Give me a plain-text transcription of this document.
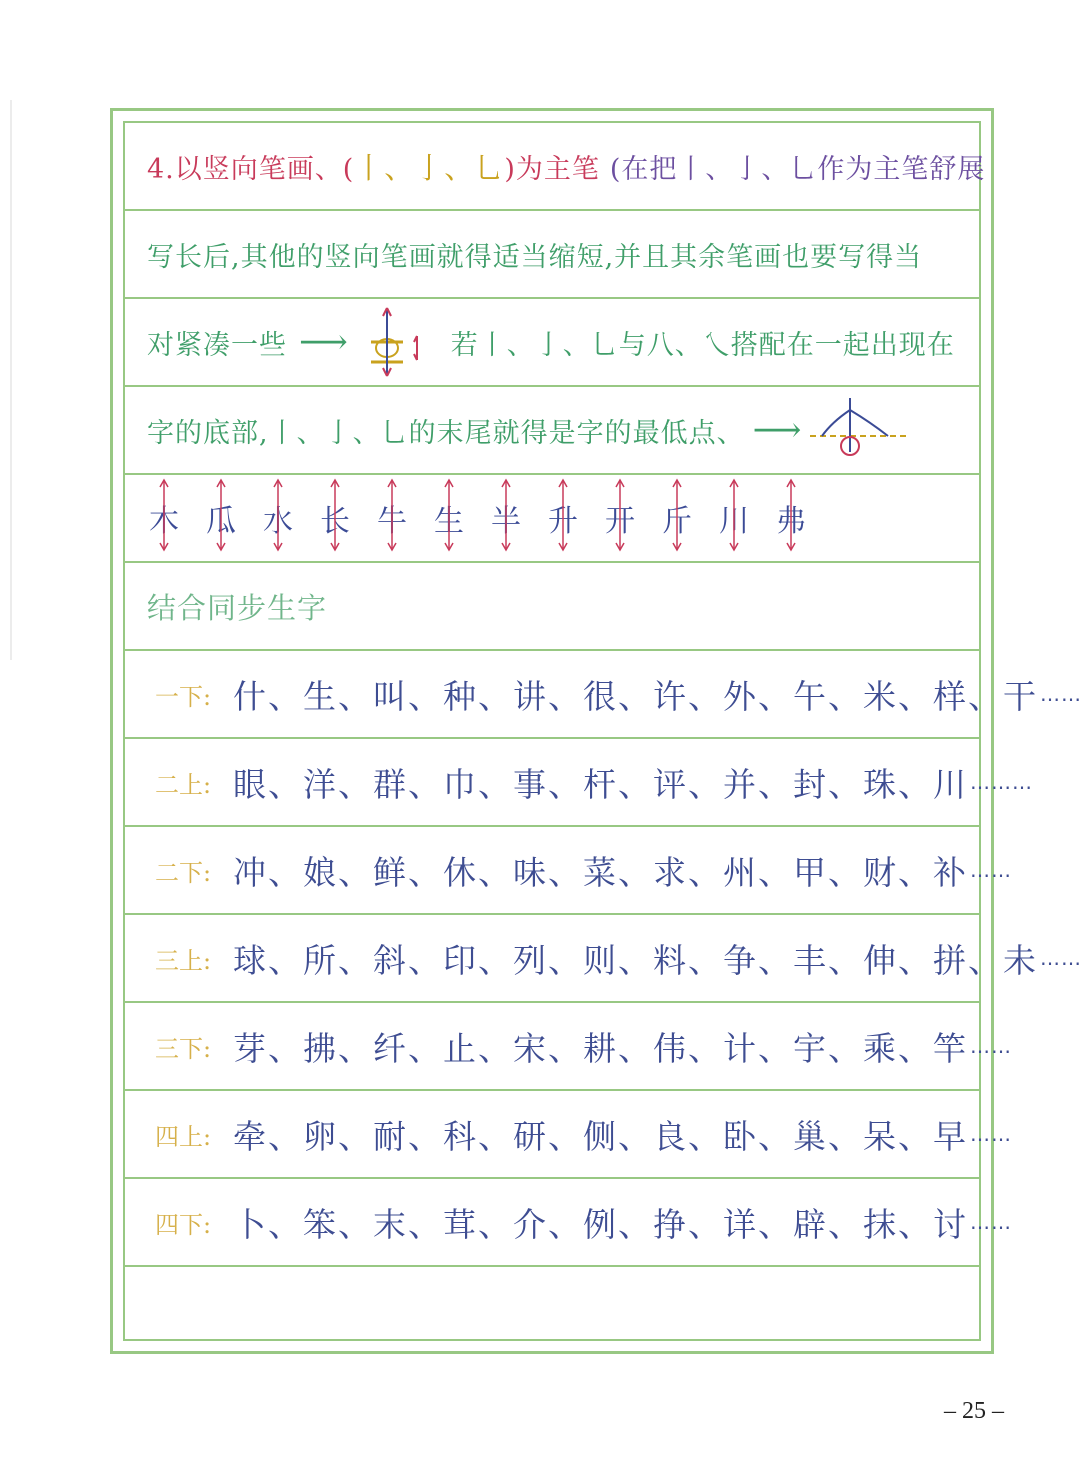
4.以竖向笔画、( 丨、亅、乚 )为主笔 (在把丨、亅、乚作为主笔舒展
写长后,其他的竖向笔画就得适当缩短,并且其余笔画也要写得当
对紧凑一些 ⟶	若丨、亅、乚与八、乀搭配在一起出现在
字的底部,丨、亅、乚的末尾就得是字的最低点、 ⟶
木 瓜 水 长 牛 生 半 升 开 斤 川 弗
结合同步生字
一下: 什、生、叫、种、讲、很、许、外、午、米、样、干 ……
二上: 眼、洋、群、巾、事、杆、评、并、封、珠、川 ………
二下: 冲、娘、鲜、休、味、菜、求、州、甲、财、补 ……
三上: 球、所、斜、印、列、则、料、争、丰、伸、拼、未 ……
三下: 芽、拂、纤、止、宋、耕、伟、计、宇、乘、竿 ……
四上: 牵、卵、耐、科、研、侧、良、卧、巢、呆、早 ……
四下: 卜、笨、末、茸、介、例、挣、详、辟、抹、讨 ……
– 25 –
